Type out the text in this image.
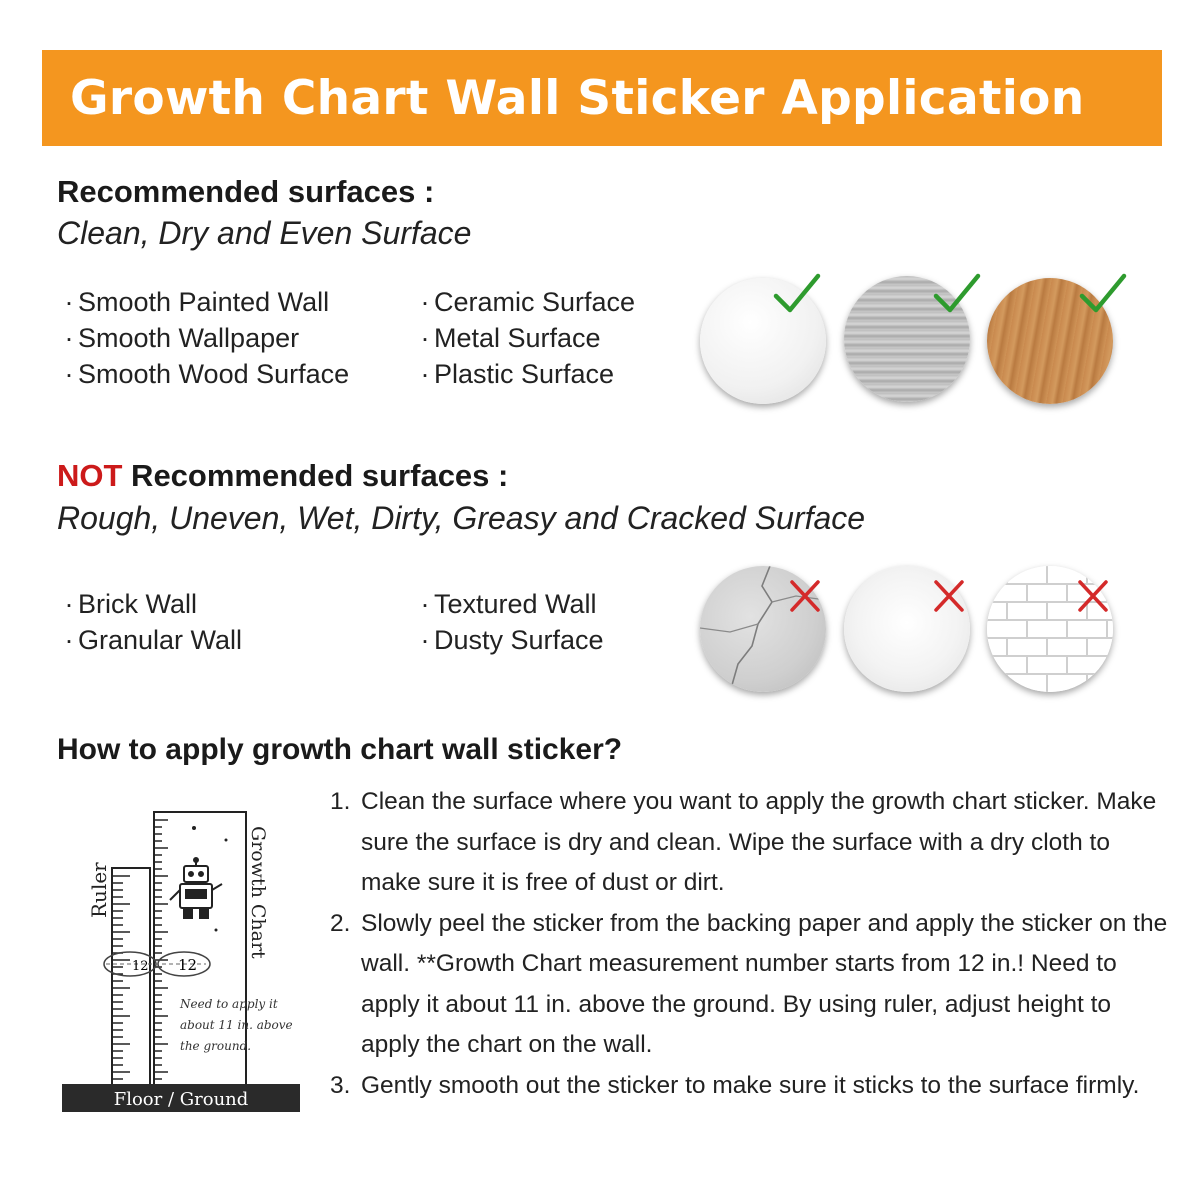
Growth Chart Wall Sticker Application
Recommended surfaces :
Clean, Dry and Even Surface
· Smooth Painted Wall
· Smooth Wallpaper
· Smooth Wood Surface
· Ceramic Surface
· Metal Surface
· Plastic Surface
NOT Recommended surfaces :
Rough, Uneven, Wet, Dirty, Greasy and Cracked Surface
· Brick Wall
· Granular Wall
· Textured Wall
· Dusty Surface
How to apply growth chart wall sticker?
1. Clean the surface where you want to apply the growth chart sticker. Make sure the surface is dry and clean. Wipe the surface with a dry cloth to make sure it is free of dust or dirt.
2. Slowly peel the sticker from the backing paper and apply the sticker on the wall. **Growth Chart measurement number starts from 12 in.! Need to apply it about 11 in. above the ground. By using ruler, adjust height to apply the chart on the wall.
3. Gently smooth out the sticker to make sure it sticks to the surface firmly.
12 12
Ruler	Growth Chart
Need to apply it
about 11 in. above
the ground.
Floor / Ground
